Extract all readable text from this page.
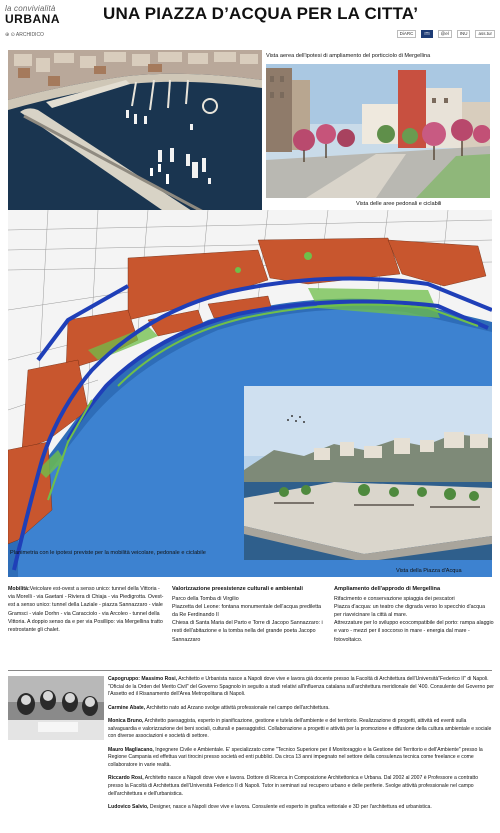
la convivialità
URBANA
⊕ ⊙ ARCHIDICO
UNA PIAZZA D’ACQUA PER LA CITTA’
DiARC	ITI	@el	INU	ass.tur
Vista aerea dell'ipotesi di ampliamento del porticciolo di Mergellina
Vista delle aree pedonali e ciclabili
Planimetria con le ipotesi previste per la mobilità veicolare, pedonale e ciclabile
Vista della Piazza d'Acqua

Mobilità:Veicolare est-ovest a senso unico: tunnel della Vittoria - via Morelli - via Gaetani - Riviera di Chiaja - via Piedigrotta. Ovest-est a senso unico: tunnel della Laziale - piazza Sannazzaro - viale Gramsci - viale Dorhn - via Caracciolo - via Arcoleo - tunnel della Vittoria. A doppio senso da e per via Posillipo: via Mergellina tratto restrostante gli chalet.

Valorizzazione preesistenze culturali e ambientali

Parco della Tomba di Virgilio

Piazzetta del Leone: fontana monumentale dell'acqua prediletta da Re Ferdinando II

Chiesa di Santa Maria del Parto e Torre di Jacopo Sannazzaro: i resti dell'abitazione e la tomba nella del grande poeta Jacopo Sannazzaro

Ampliamento dell'approdo di Mergellina

Rifacimento e conservazione spiaggia dei pescatori

Piazza d'acqua: un teatro che digrada verso lo specchio d'acqua per riavvicinare la città al mare.

Attrezzature per lo sviluppo ecocompatibile del porto: rampa alaggio e varo - mezzi per il soccorso in mare - energia dal mare - fotovoltaico.

Capogruppo: Massimo Rosi, Architetto e Urbanista nasce a Napoli dove vive e lavora già docente presso la Facoltà di Architettura dell'Università"Federico II" di Napoli. "Oficial de la Orden del Merito Civil" del Governo Spagnolo in seguito a studi relativi all'influenza catalana sull'architettura meridionale del '400. Consulente del Governo per l'Assetto ed il Risanamento dell'Area Metropolitana di Napoli.

Carmine Abate, Architetto nato ad Arzano svolge attività professionale nel campo dell'architettura.

Monica Bruno, Architetto paesaggista, esperto in pianificazione, gestione e tutela dell'ambiente e del territorio. Realizzazione di progetti, attività ed eventi sulla salvaguardia e valorizzazione dei beni sociali, culturali e paesaggistici. Collaborazione a progetti e attività per la promozione e diffusione della cultura ambientale e sociale con diverse associazioni e società di settore.

Mauro Magliacano, Ingegnere Civile e Ambientale. E' specializzato come "Tecnico Superiore per il Monitoraggio e la Gestione del Territorio e dell'Ambiente" presso la Regione Campania ed effettua vari tirocini presso società ed enti pubblici. Da circa 13 anni impegnato nel settore della consulenza tecnica come freelance e come collaboratore in varie realtà.

Riccardo Rosi, Architetto nasce a Napoli dove vive e lavora. Dottore di Ricerca in Composizione Architettonica e Urbana. Dal 2002 al 2007 è Professore a contratto presso la Facoltà di Architettura dell'Università Federico II di Napoli. Tutor in seminari sul recupero urbano e delle periferie. Svolge attività professionale nel campo dell'architettura e dell'urbanistica.

Ludovico Salvio, Designer, nasce a Napoli dove vive e lavora. Consulente ed esperto in grafica vettoriale e 3D per l'architettura ed urbanistica.
